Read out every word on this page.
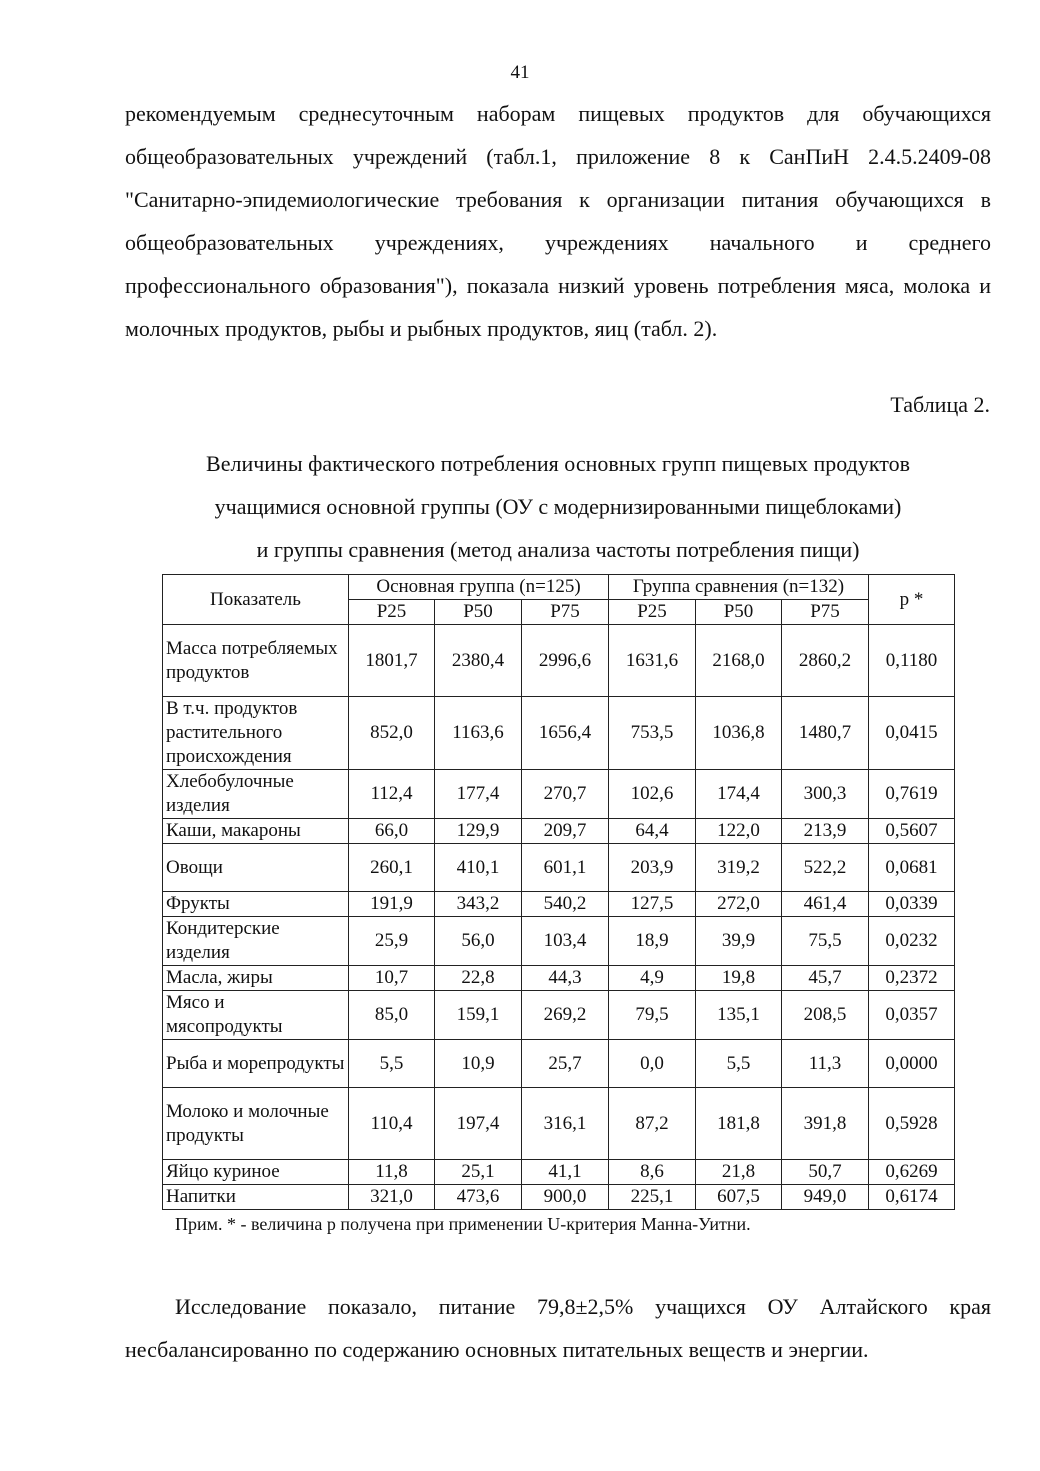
41
рекомендуемым среднесуточным наборам пищевых продуктов для обучающихся общеобразовательных учреждений (табл.1, приложение 8 к СанПиН 2.4.5.2409-08 "Санитарно-эпидемиологические требования к организации питания обучающихся в общеобразовательных учреждениях, учреждениях начального и среднего профессионального образования"), показала низкий уровень потребления мяса, молока и молочных продуктов, рыбы и рыбных продуктов, яиц (табл. 2).
Таблица 2.
Величины фактического потребления основных групп пищевых продуктов
учащимися основной группы (ОУ с модернизированными пищеблоками)
и группы сравнения (метод анализа частоты потребления пищи)
Показатель	Основная группа (n=125)			Группа сравнения (n=132)			p *
	P25	P50	P75	P25	P50	P75	
Масса потребляемых продуктов	1801,7	2380,4	2996,6	1631,6	2168,0	2860,2	0,1180
В т.ч. продуктов растительного происхождения	852,0	1163,6	1656,4	753,5	1036,8	1480,7	0,0415
Хлебобулочные изделия	112,4	177,4	270,7	102,6	174,4	300,3	0,7619
Каши, макароны	66,0	129,9	209,7	64,4	122,0	213,9	0,5607
Овощи	260,1	410,1	601,1	203,9	319,2	522,2	0,0681
Фрукты	191,9	343,2	540,2	127,5	272,0	461,4	0,0339
Кондитерские изделия	25,9	56,0	103,4	18,9	39,9	75,5	0,0232
Масла, жиры	10,7	22,8	44,3	4,9	19,8	45,7	0,2372
Мясо и мясопродукты	85,0	159,1	269,2	79,5	135,1	208,5	0,0357
Рыба и морепродукты	5,5	10,9	25,7	0,0	5,5	11,3	0,0000
Молоко и молочные продукты	110,4	197,4	316,1	87,2	181,8	391,8	0,5928
Яйцо куриное	11,8	25,1	41,1	8,6	21,8	50,7	0,6269
Напитки	321,0	473,6	900,0	225,1	607,5	949,0	0,6174
Прим. * - величина p получена при применении U-критерия Манна-Уитни.
Исследование показало, питание 79,8±2,5% учащихся ОУ Алтайского края несбалансированно по содержанию основных питательных веществ и энергии.
